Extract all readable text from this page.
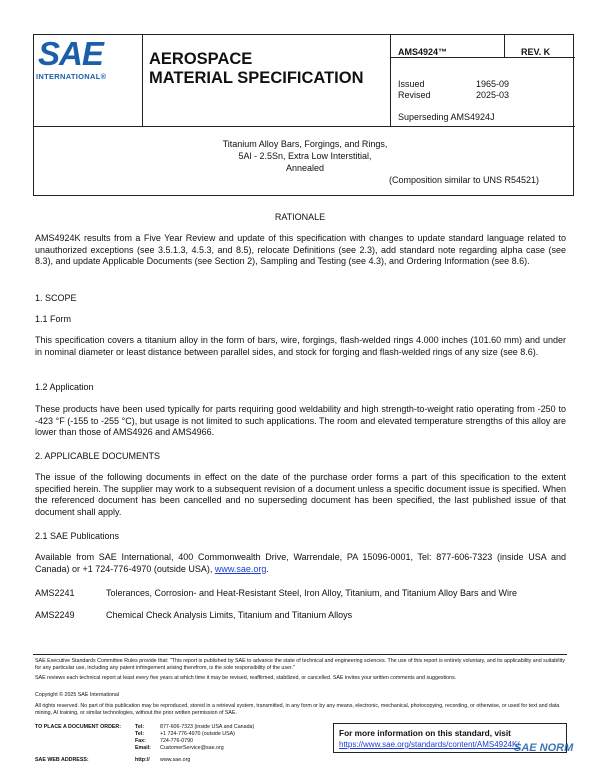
SAE
INTERNATIONAL®
AEROSPACE
MATERIAL SPECIFICATION
AMS4924™	REV. K
Issued	1965-09
Revised	2025-03
Superseding AMS4924J
Titanium Alloy Bars, Forgings, and Rings,
5Al - 2.5Sn, Extra Low Interstitial,
Annealed
(Composition similar to UNS R54521)
RATIONALE

AMS4924K results from a Five Year Review and update of this specification with changes to update standard language related to unauthorized exceptions (see 3.5.1.3, 4.5.3, and 8.5), relocate Definitions (see 2.3), add standard note regarding alpha case (see 8.3), and update Applicable Documents (see Section 2), Sampling and Testing (see 4.3), and Ordering Information (see 8.6).

1. SCOPE
1.1 Form

This specification covers a titanium alloy in the form of bars, wire, forgings, flash-welded rings 4.000 inches (101.60 mm) and under in nominal diameter or least distance between parallel sides, and stock for forging and flash-welded rings of any size (see 8.6).

1.2 Application

These products have been used typically for parts requiring good weldability and high strength-to-weight ratio operating from -250 to -423 °F (-155 to -255 °C), but usage is not limited to such applications. The room and elevated temperature strengths of this alloy are lower than those of AMS4926 and AMS4966.

2. APPLICABLE DOCUMENTS

The issue of the following documents in effect on the date of the purchase order forms a part of this specification to the extent specified herein. The supplier may work to a subsequent revision of a document unless a specific document issue is specified. When the referenced document has been cancelled and no superseding document has been specified, the last published issue of that document shall apply.

2.1 SAE Publications

Available from SAE International, 400 Commonwealth Drive, Warrendale, PA 15096-0001, Tel: 877-606-7323 (inside USA and Canada) or +1 724-776-4970 (outside USA), www.sae.org.

AMS2241	Tolerances, Corrosion- and Heat-Resistant Steel, Iron Alloy, Titanium, and Titanium Alloy Bars and Wire
AMS2249	Chemical Check Analysis Limits, Titanium and Titanium Alloys
SAE Executive Standards Committee Rules provide that: "This report is published by SAE to advance the state of technical and engineering sciences. The use of this report is entirely voluntary, and its applicability and suitability for any particular use, including any patent infringement arising therefrom, is the sole responsibility of the user."
SAE reviews each technical report at least every five years at which time it may be revised, reaffirmed, stabilized, or cancelled. SAE invites your written comments and suggestions.
Copyright © 2025 SAE International
All rights reserved. No part of this publication may be reproduced, stored in a retrieval system, transmitted, in any form or by any means, electronic, mechanical, photocopying, recording, or otherwise, or used for text and data mining, AI training, or similar technologies, without the prior written permission of SAE.
TO PLACE A DOCUMENT ORDER:	Tel:	877-606-7323 (inside USA and Canada)
Tel:	+1 724-776-4970 (outside USA)
Fax:	724-776-0790
Email: CustomerService@sae.org
SAE WEB ADDRESS:	http:// www.sae.org
For more information on this standard, visit
https://www.sae.org/standards/content/AMS4924K/
SAE NORM
